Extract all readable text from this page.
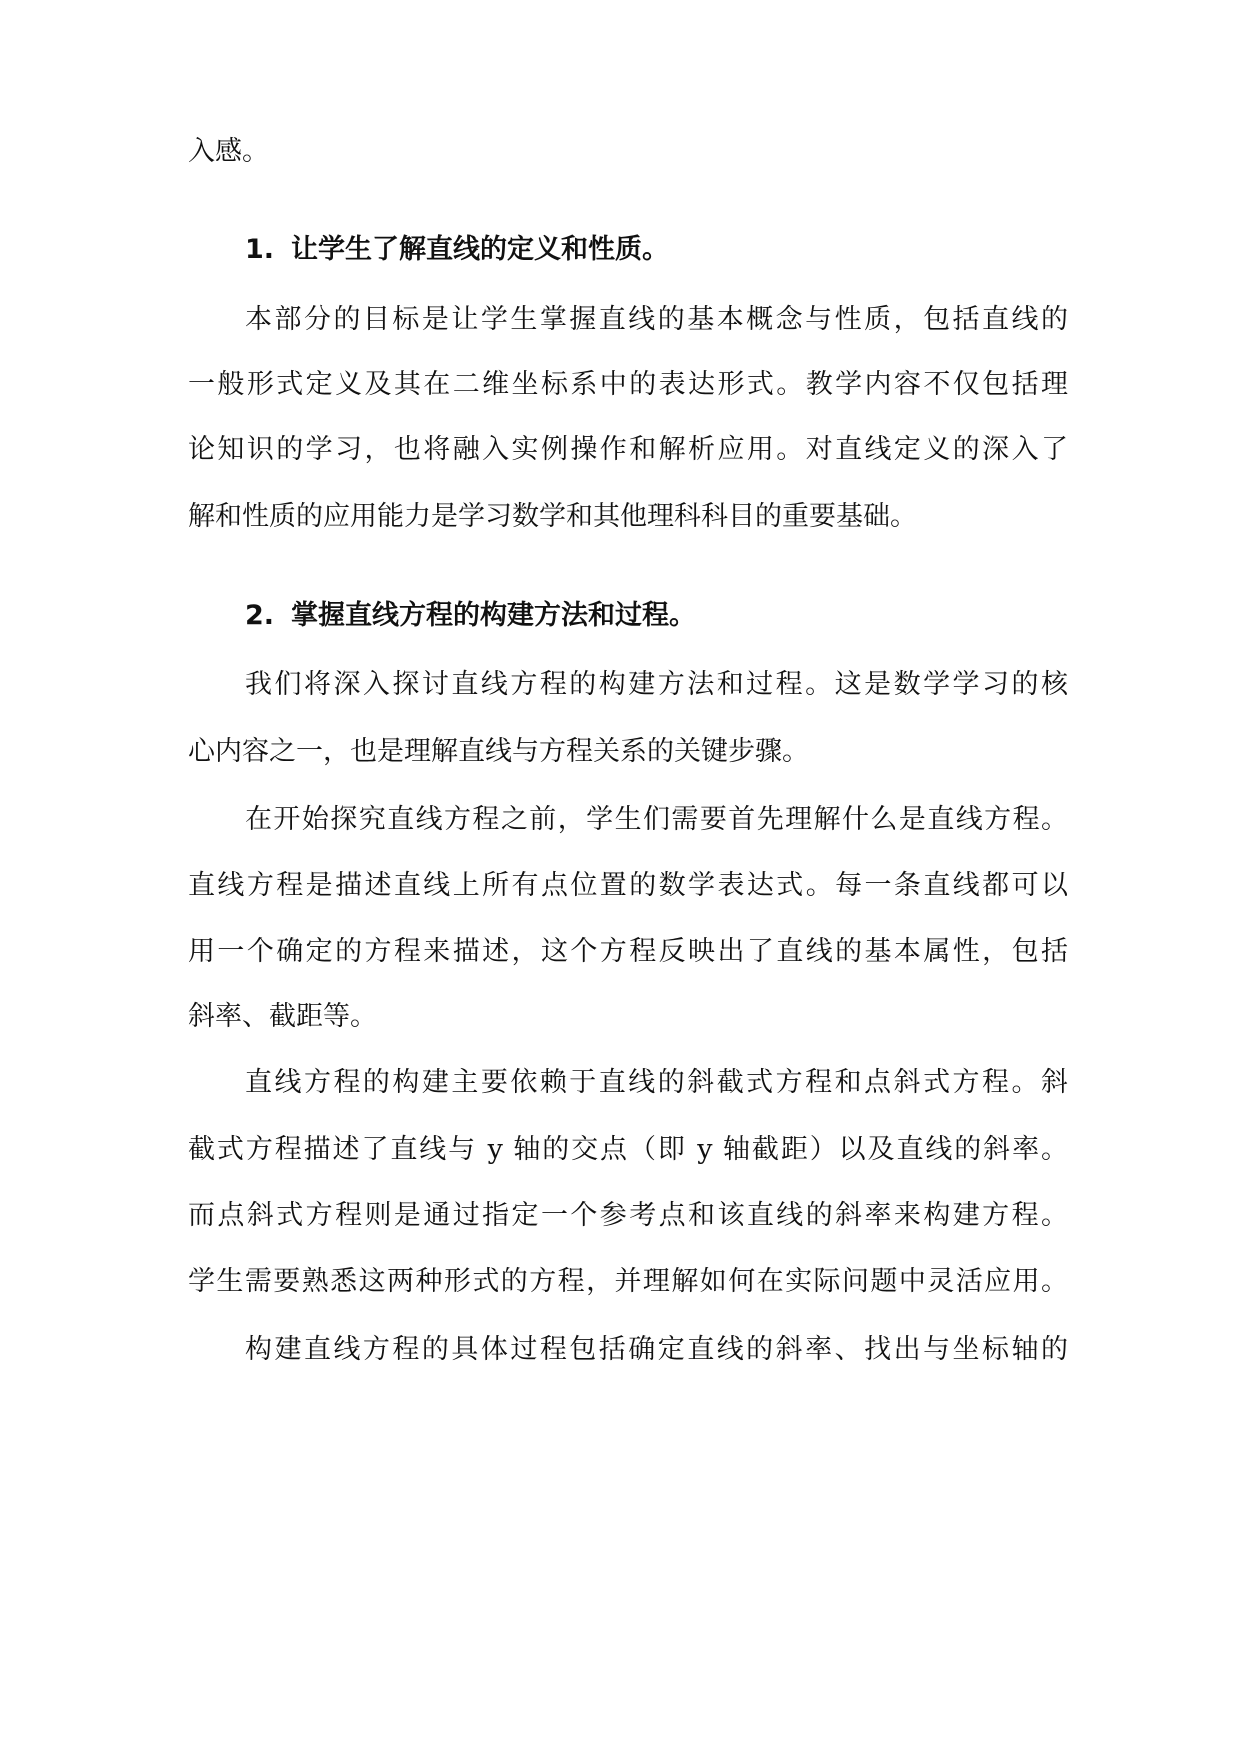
入感。
1. 让学生了解直线的定义和性质。
本部分的目标是让学生掌握直线的基本概念与性质，包括直线的
一般形式定义及其在二维坐标系中的表达形式。教学内容不仅包括理
论知识的学习，也将融入实例操作和解析应用。对直线定义的深入了
解和性质的应用能力是学习数学和其他理科科目的重要基础。
2. 掌握直线方程的构建方法和过程。
我们将深入探讨直线方程的构建方法和过程。这是数学学习的核
心内容之一，也是理解直线与方程关系的关键步骤。
在开始探究直线方程之前，学生们需要首先理解什么是直线方程。
直线方程是描述直线上所有点位置的数学表达式。每一条直线都可以
用一个确定的方程来描述，这个方程反映出了直线的基本属性，包括
斜率、截距等。
直线方程的构建主要依赖于直线的斜截式方程和点斜式方程。斜
截式方程描述了直线与 y 轴的交点（即 y 轴截距）以及直线的斜率。
而点斜式方程则是通过指定一个参考点和该直线的斜率来构建方程。
学生需要熟悉这两种形式的方程，并理解如何在实际问题中灵活应用。
构建直线方程的具体过程包括确定直线的斜率、找出与坐标轴的
